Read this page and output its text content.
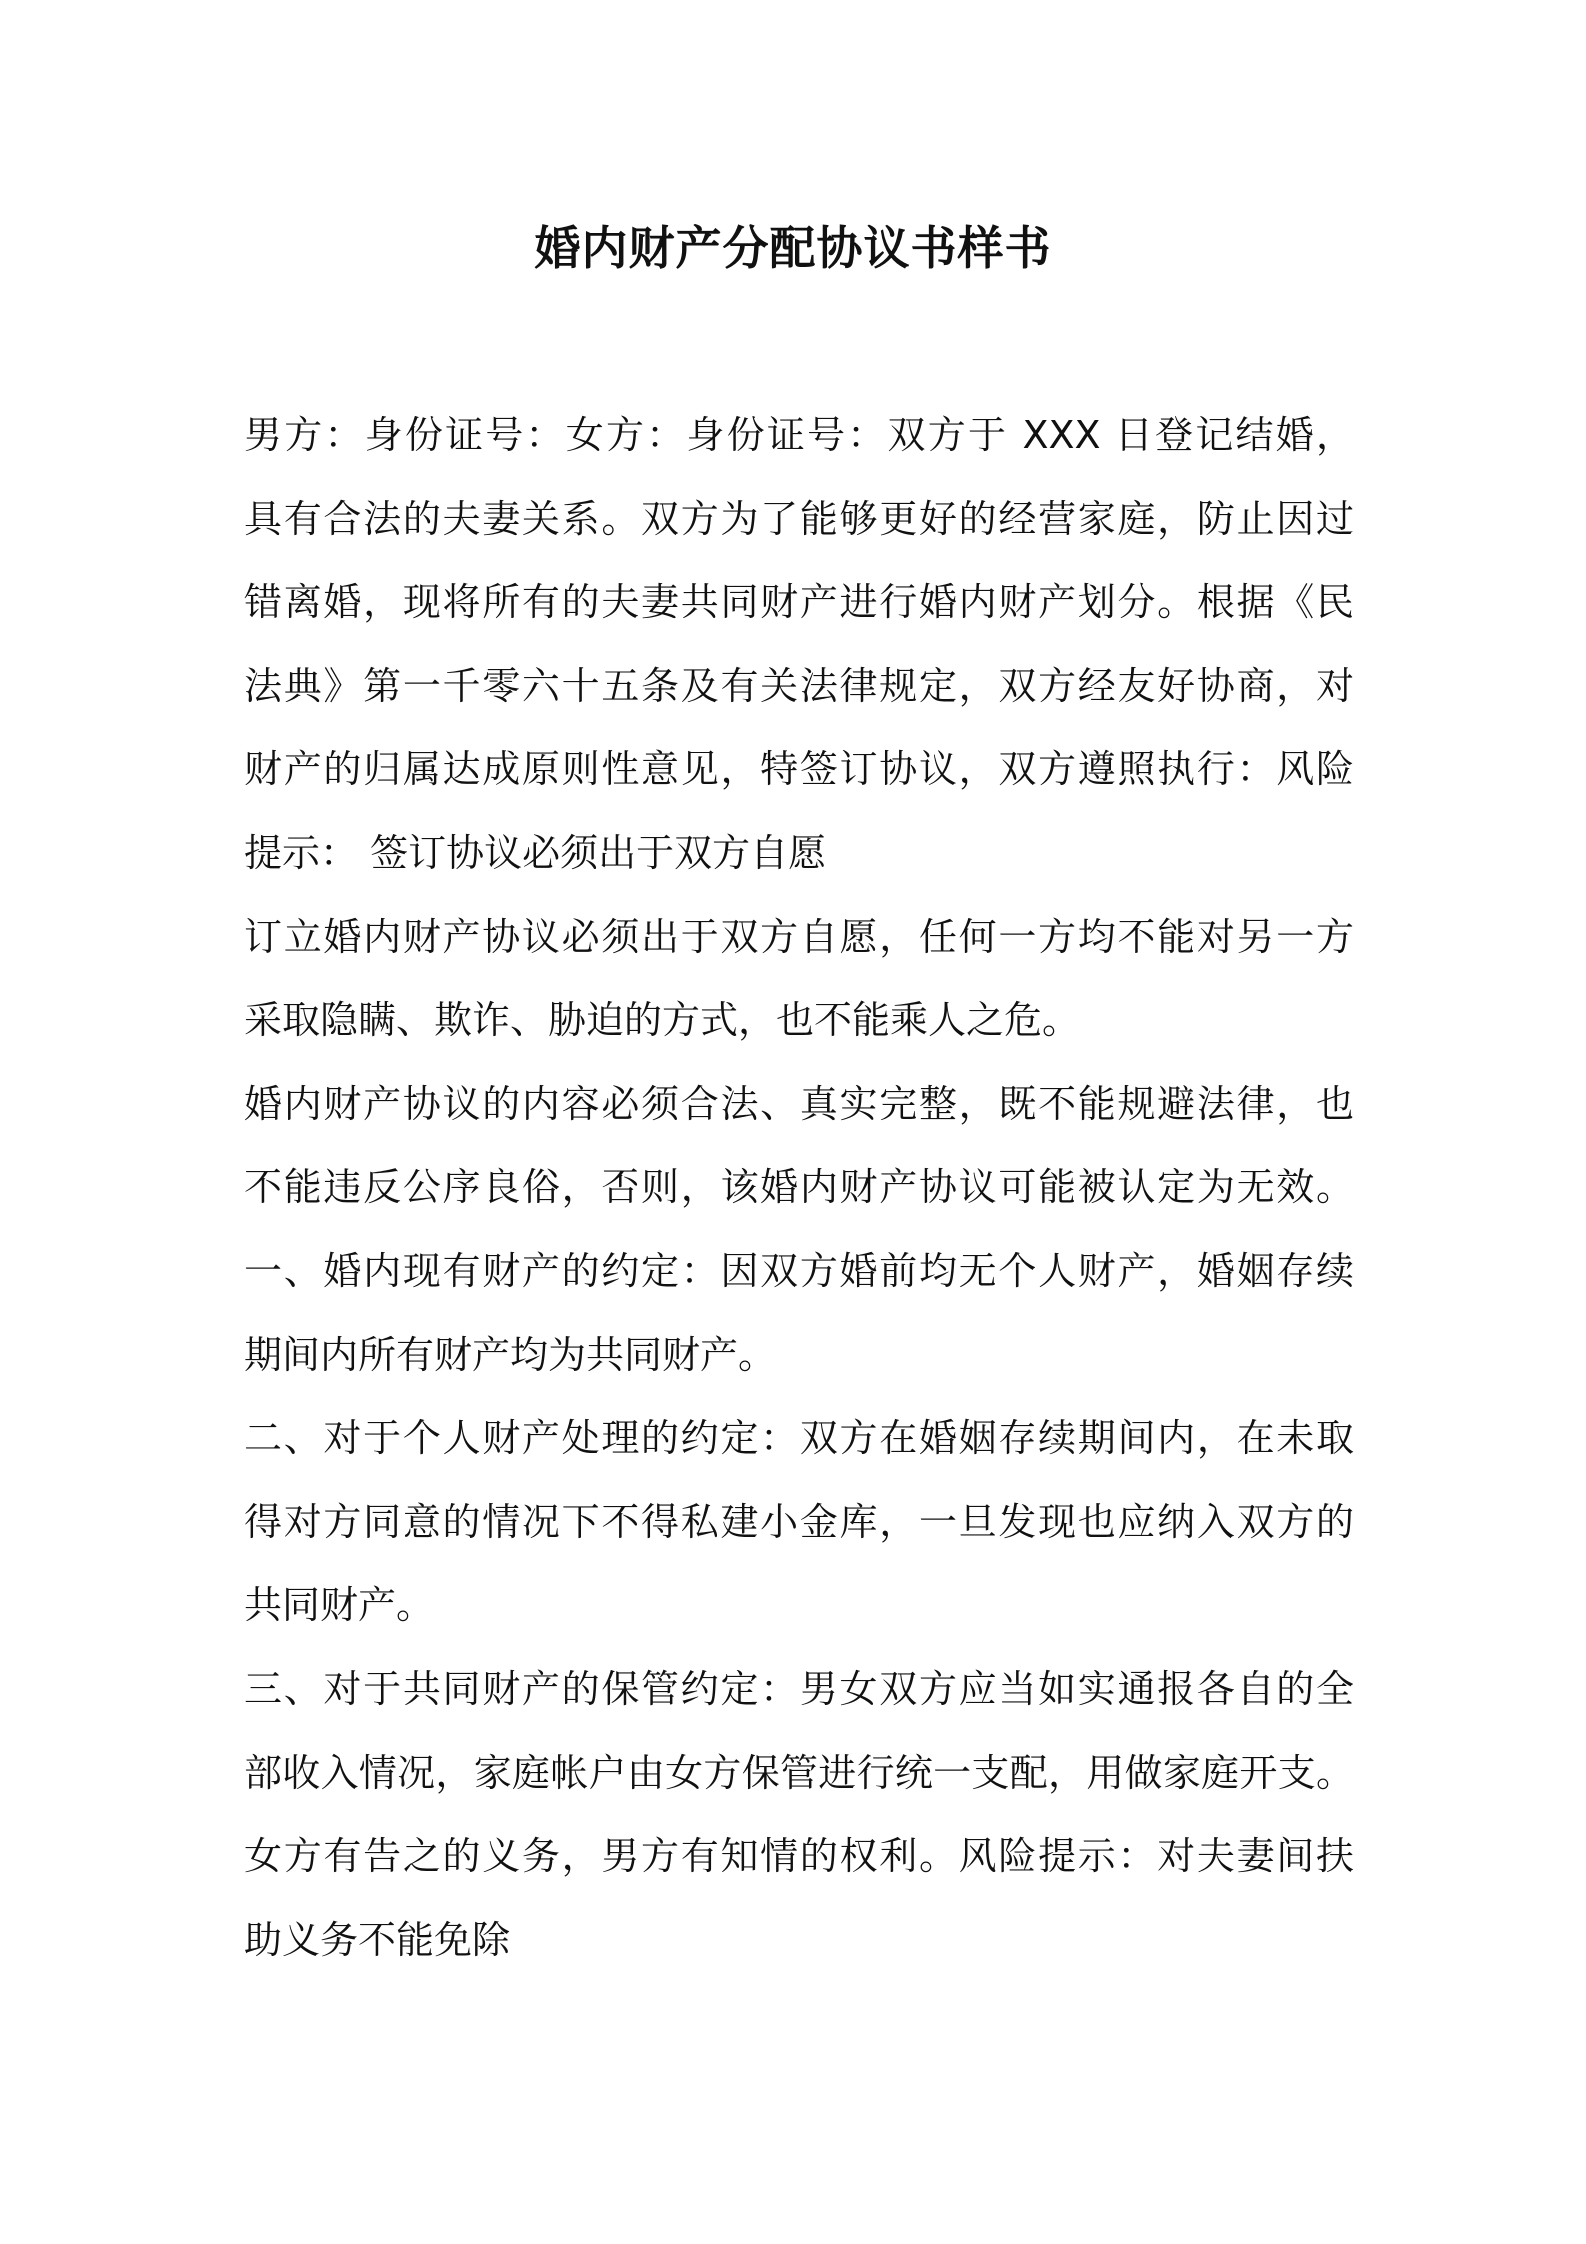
婚内财产分配协议书样书
男方：身份证号：女方：身份证号：双方于 XXX 日登记结婚，
具有合法的夫妻关系。双方为了能够更好的经营家庭，防止因过
错离婚，现将所有的夫妻共同财产进行婚内财产划分。根据《民
法典》第一千零六十五条及有关法律规定，双方经友好协商，对
财产的归属达成原则性意见，特签订协议，双方遵照执行：风险
提示： 签订协议必须出于双方自愿
订立婚内财产协议必须出于双方自愿，任何一方均不能对另一方
采取隐瞒、欺诈、胁迫的方式，也不能乘人之危。
婚内财产协议的内容必须合法、真实完整，既不能规避法律，也
不能违反公序良俗，否则，该婚内财产协议可能被认定为无效。
一、婚内现有财产的约定：因双方婚前均无个人财产，婚姻存续
期间内所有财产均为共同财产。
二、对于个人财产处理的约定：双方在婚姻存续期间内，在未取
得对方同意的情况下不得私建小金库，一旦发现也应纳入双方的
共同财产。
三、对于共同财产的保管约定：男女双方应当如实通报各自的全
部收入情况，家庭帐户由女方保管进行统一支配，用做家庭开支。
女方有告之的义务，男方有知情的权利。风险提示：对夫妻间扶
助义务不能免除
